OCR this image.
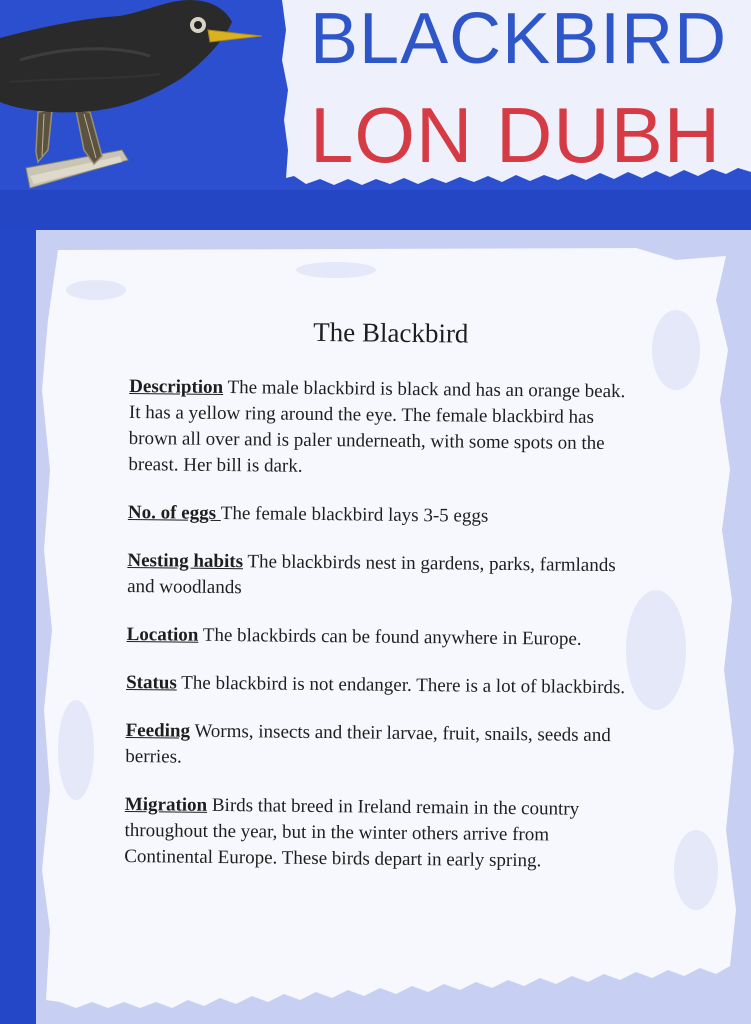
BLACKBIRD
LON DUBH
The Blackbird

Description The male blackbird is black and has an orange beak. It has a yellow ring around the eye. The female blackbird has brown all over and is paler underneath, with some spots on the breast. Her bill is dark.

No. of eggs The female blackbird lays 3-5 eggs

Nesting habits The blackbirds nest in gardens, parks, farmlands and woodlands

Location The blackbirds can be found anywhere in Europe.

Status The blackbird is not endanger. There is a lot of blackbirds.

Feeding Worms, insects and their larvae, fruit, snails, seeds and berries.

Migration Birds that breed in Ireland remain in the country throughout the year, but in the winter others arrive from Continental Europe. These birds depart in early spring.
